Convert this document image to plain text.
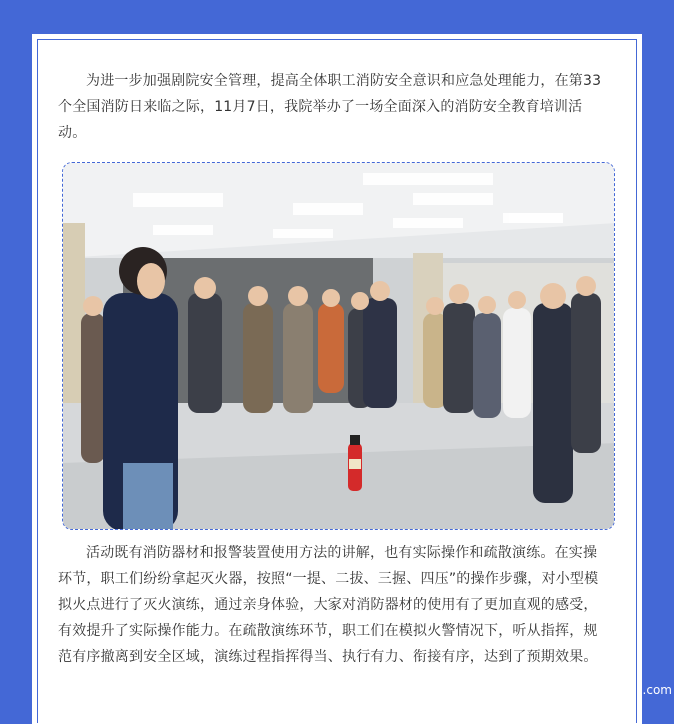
为进一步加强剧院安全管理，提高全体职工消防安全意识和应急处理能力，在第33个全国消防日来临之际，11月7日，我院举办了一场全面深入的消防安全教育培训活动。

活动既有消防器材和报警装置使用方法的讲解，也有实际操作和疏散演练。在实操环节，职工们纷纷拿起灭火器，按照“一提、二拔、三握、四压”的操作步骤，对小型模拟火点进行了灭火演练，通过亲身体验，大家对消防器材的使用有了更加直观的感受，有效提升了实际操作能力。在疏散演练环节，职工们在模拟火警情况下，听从指挥，规范有序撤离到安全区域，演练过程指挥得当、执行有力、衔接有序，达到了预期效果。

.com
